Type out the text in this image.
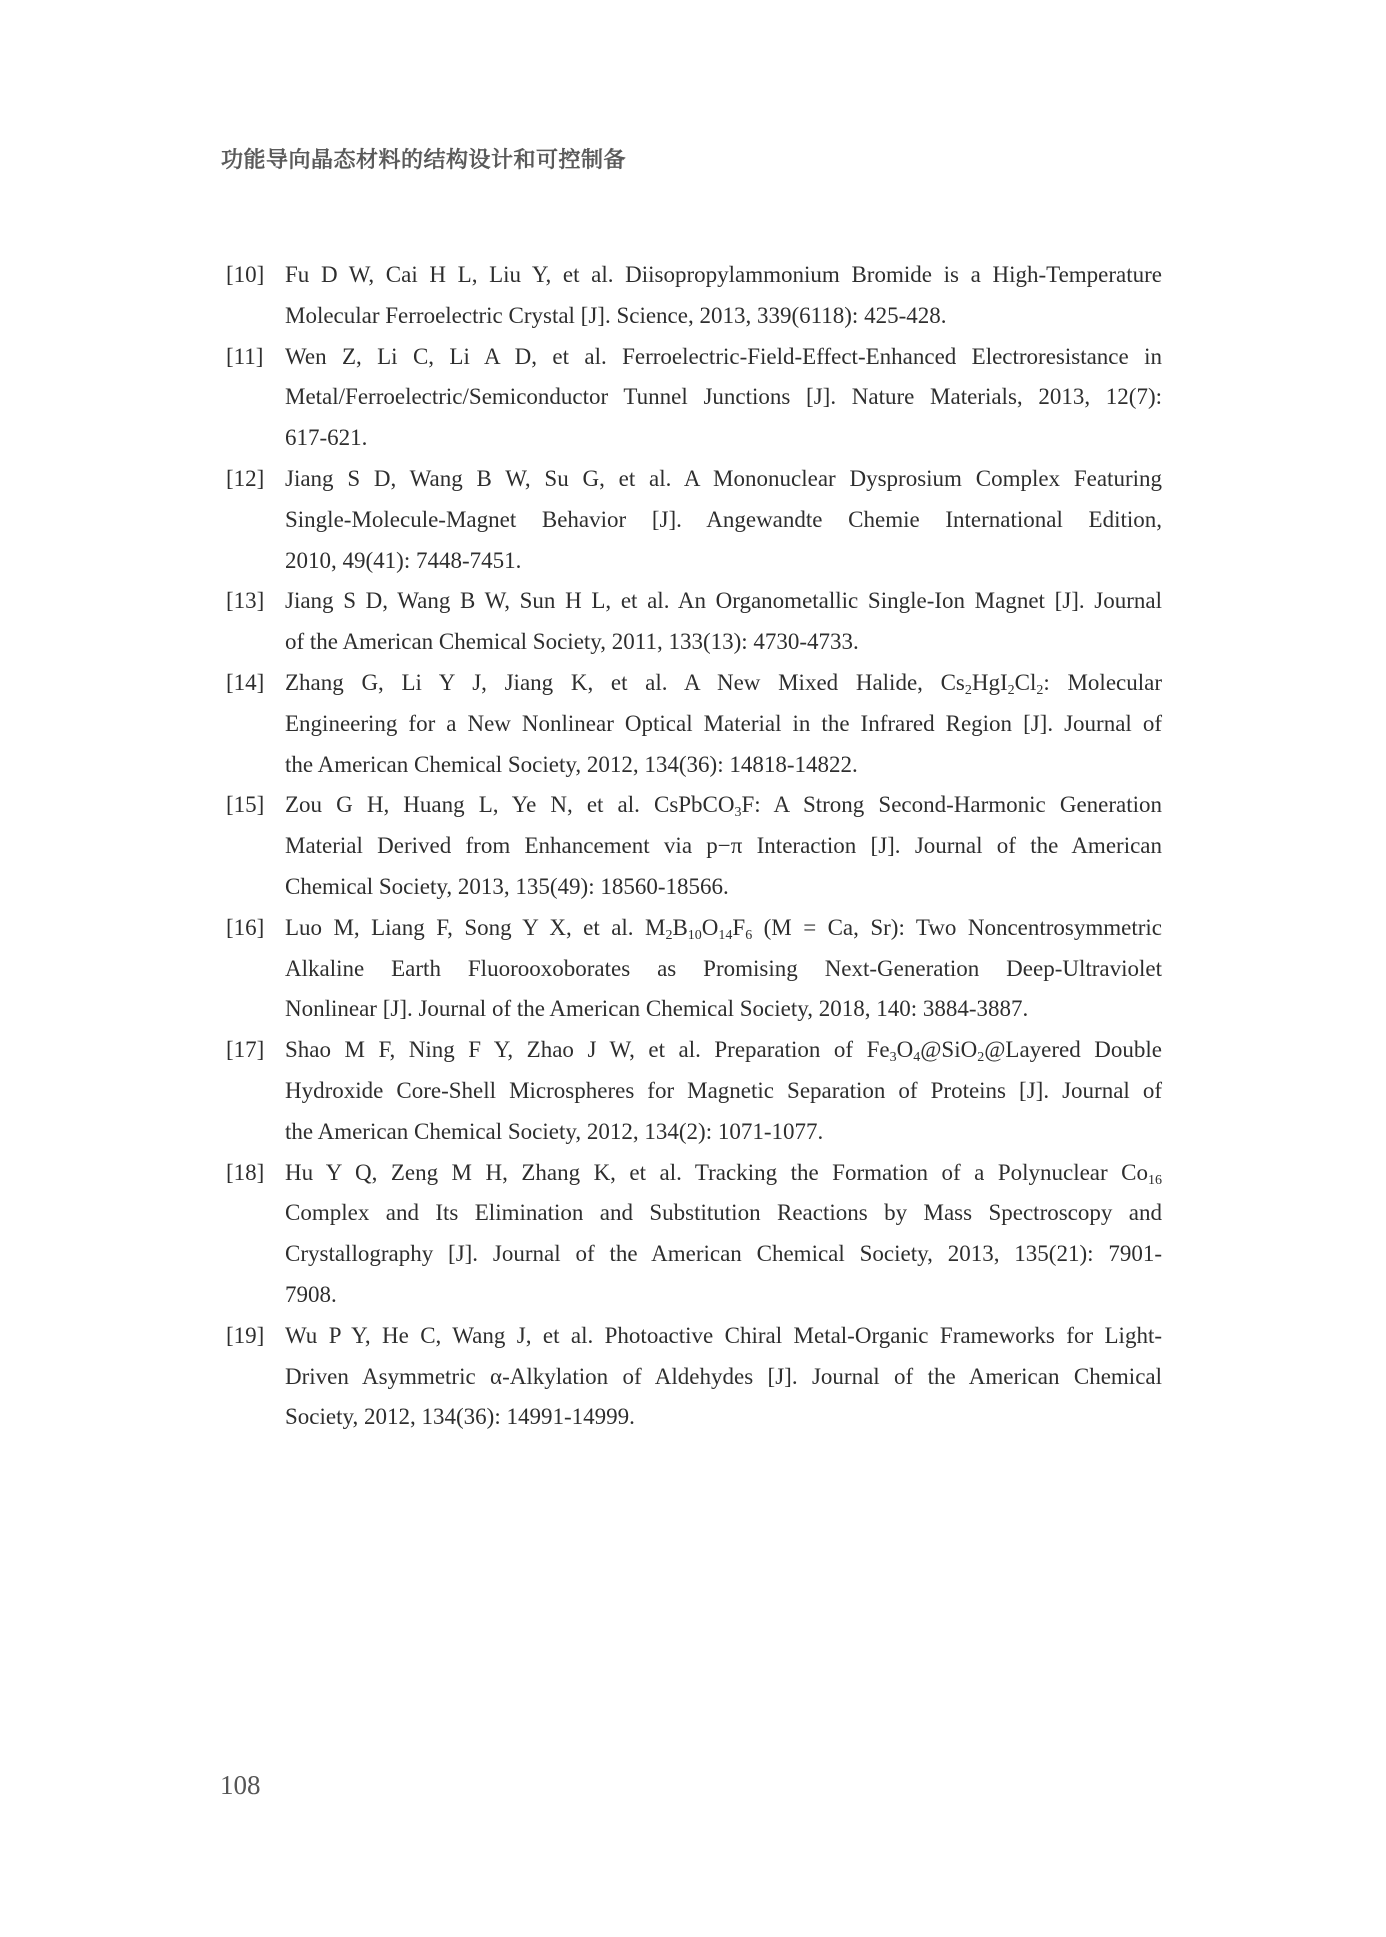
功能导向晶态材料的结构设计和可控制备
[10] Fu D W, Cai H L, Liu Y, et al. Diisopropylammonium Bromide is a High-Temperature
Molecular Ferroelectric Crystal [J]. Science, 2013, 339(6118): 425-428.
[11] Wen Z, Li C, Li A D, et al. Ferroelectric-Field-Effect-Enhanced Electroresistance in
Metal/Ferroelectric/Semiconductor Tunnel Junctions [J]. Nature Materials, 2013, 12(7):
617-621.
[12] Jiang S D, Wang B W, Su G, et al. A Mononuclear Dysprosium Complex Featuring
Single-Molecule-Magnet Behavior [J]. Angewandte Chemie International Edition,
2010, 49(41): 7448-7451.
[13] Jiang S D, Wang B W, Sun H L, et al. An Organometallic Single-Ion Magnet [J]. Journal
of the American Chemical Society, 2011, 133(13): 4730-4733.
[14] Zhang G, Li Y J, Jiang K, et al. A New Mixed Halide, $Cs_2HgI_2Cl_2$: Molecular
Engineering for a New Nonlinear Optical Material in the Infrared Region [J]. Journal of
the American Chemical Society, 2012, 134(36): 14818-14822.
[15] Zou G H, Huang L, Ye N, et al. CsPbCO$_3$F: A Strong Second-Harmonic Generation
Material Derived from Enhancement via p−π Interaction [J]. Journal of the American
Chemical Society, 2013, 135(49): 18560-18566.
[16] Luo M, Liang F, Song Y X, et al. $M_2B_{10}O_{14}F_6$ (M = Ca, Sr): Two Noncentrosymmetric
Alkaline Earth Fluorooxoborates as Promising Next-Generation Deep-Ultraviolet
Nonlinear [J]. Journal of the American Chemical Society, 2018, 140: 3884-3887.
[17] Shao M F, Ning F Y, Zhao J W, et al. Preparation of $Fe_3O_4@SiO_2@Layered$ Double
Hydroxide Core-Shell Microspheres for Magnetic Separation of Proteins [J]. Journal of
the American Chemical Society, 2012, 134(2): 1071-1077.
[18] Hu Y Q, Zeng M H, Zhang K, et al. Tracking the Formation of a Polynuclear $Co_{16}$
Complex and Its Elimination and Substitution Reactions by Mass Spectroscopy and
Crystallography [J]. Journal of the American Chemical Society, 2013, 135(21): 7901-
7908.
[19] Wu P Y, He C, Wang J, et al. Photoactive Chiral Metal-Organic Frameworks for Light-
Driven Asymmetric α-Alkylation of Aldehydes [J]. Journal of the American Chemical
Society, 2012, 134(36): 14991-14999.
108
